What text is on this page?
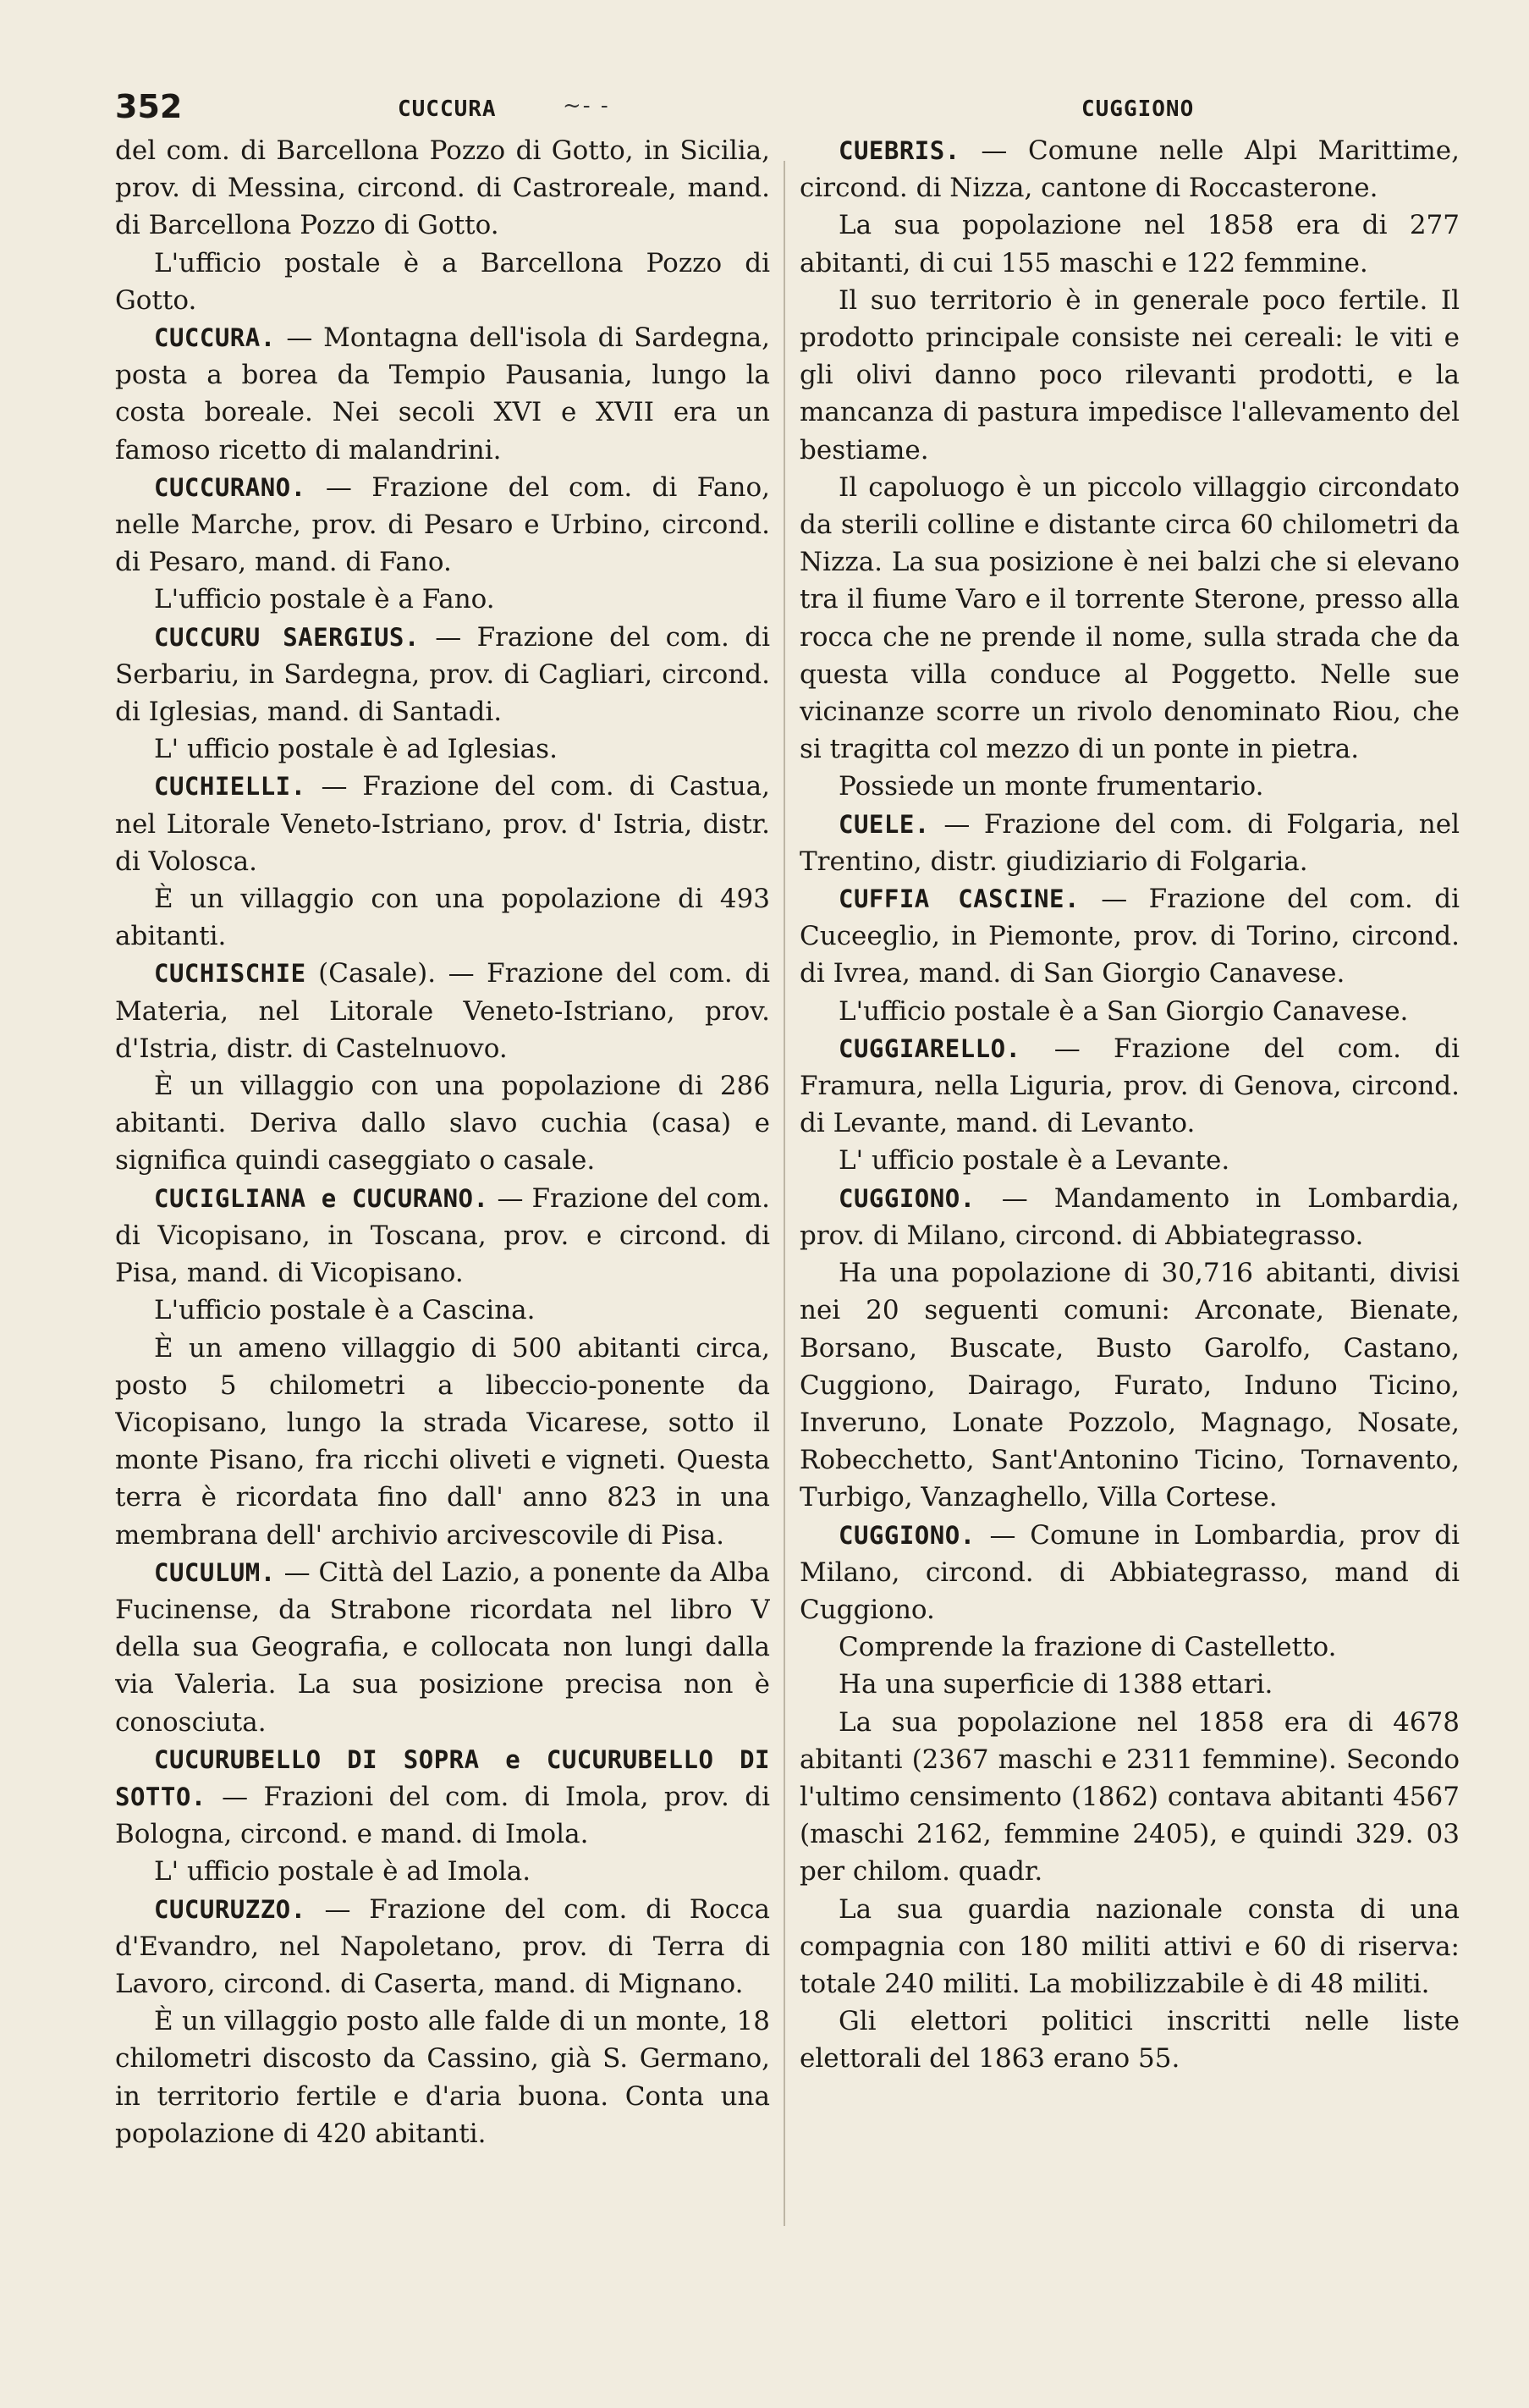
352	CUCCURA	~‐ ‐	CUGGIONO

del com. di Barcellona Pozzo di Gotto, in Sicilia, prov. di Messina, circond. di Castroreale, mand. di Barcellona Pozzo di Gotto.

L'ufficio postale è a Barcellona Pozzo di Gotto.

CUCCURA. — Montagna dell'isola di Sardegna, posta a borea da Tempio Pausania, lungo la costa boreale. Nei secoli XVI e XVII era un famoso ricetto di malandrini.

CUCCURANO. — Frazione del com. di Fano, nelle Marche, prov. di Pesaro e Urbino, circond. di Pesaro, mand. di Fano.

L'ufficio postale è a Fano.

CUCCURU SAERGIUS. — Frazione del com. di Serbariu, in Sardegna, prov. di Cagliari, circond. di Iglesias, mand. di Santadi.

L' ufficio postale è ad Iglesias.

CUCHIELLI. — Frazione del com. di Castua, nel Litorale Veneto-Istriano, prov. d' Istria, distr. di Volosca.

È un villaggio con una popolazione di 493 abitanti.

CUCHISCHIE (Casale). — Frazione del com. di Materia, nel Litorale Veneto-Istriano, prov. d'Istria, distr. di Castelnuovo.

È un villaggio con una popolazione di 286 abitanti. Deriva dallo slavo cuchia (casa) e significa quindi caseggiato o casale.

CUCIGLIANA e CUCURANO. — Frazione del com. di Vicopisano, in Toscana, prov. e circond. di Pisa, mand. di Vicopisano.

L'ufficio postale è a Cascina.

È un ameno villaggio di 500 abitanti circa, posto 5 chilometri a libeccio-ponente da Vicopisano, lungo la strada Vicarese, sotto il monte Pisano, fra ricchi oliveti e vigneti. Questa terra è ricordata fino dall' anno 823 in una membrana dell' archivio arcivescovile di Pisa.

CUCULUM. — Città del Lazio, a ponente da Alba Fucinense, da Strabone ricordata nel libro V della sua Geografia, e collocata non lungi dalla via Valeria. La sua posizione precisa non è conosciuta.

CUCURUBELLO DI SOPRA e CUCURUBELLO DI SOTTO. — Frazioni del com. di Imola, prov. di Bologna, circond. e mand. di Imola.

L' ufficio postale è ad Imola.

CUCURUZZO. — Frazione del com. di Rocca d'Evandro, nel Napoletano, prov. di Terra di Lavoro, circond. di Caserta, mand. di Mignano.

È un villaggio posto alle falde di un monte, 18 chilometri discosto da Cassino, già S. Germano, in territorio fertile e d'aria buona. Conta una popolazione di 420 abitanti.

CUEBRIS. — Comune nelle Alpi Marittime, circond. di Nizza, cantone di Roccasterone.

La sua popolazione nel 1858 era di 277 abitanti, di cui 155 maschi e 122 femmine.

Il suo territorio è in generale poco fertile. Il prodotto principale consiste nei cereali: le viti e gli olivi danno poco rilevanti prodotti, e la mancanza di pastura impedisce l'allevamento del bestiame.

Il capoluogo è un piccolo villaggio circondato da sterili colline e distante circa 60 chilometri da Nizza. La sua posizione è nei balzi che si elevano tra il fiume Varo e il torrente Sterone, presso alla rocca che ne prende il nome, sulla strada che da questa villa conduce al Poggetto. Nelle sue vicinanze scorre un rivolo denominato Riou, che si tragitta col mezzo di un ponte in pietra.

Possiede un monte frumentario.

CUELE. — Frazione del com. di Folgaria, nel Trentino, distr. giudiziario di Folgaria.

CUFFIA CASCINE. — Frazione del com. di Cuceeglio, in Piemonte, prov. di Torino, circond. di Ivrea, mand. di San Giorgio Canavese.

L'ufficio postale è a San Giorgio Canavese.

CUGGIARELLO. — Frazione del com. di Framura, nella Liguria, prov. di Genova, circond. di Levante, mand. di Levanto.

L' ufficio postale è a Levante.

CUGGIONO. — Mandamento in Lombardia, prov. di Milano, circond. di Abbiategrasso.

Ha una popolazione di 30,716 abitanti, divisi nei 20 seguenti comuni: Arconate, Bienate, Borsano, Buscate, Busto Garolfo, Castano, Cuggiono, Dairago, Furato, Induno Ticino, Inveruno, Lonate Pozzolo, Magnago, Nosate, Robecchetto, Sant'Antonino Ticino, Tornavento, Turbigo, Vanzaghello, Villa Cortese.

CUGGIONO. — Comune in Lombardia, prov di Milano, circond. di Abbiategrasso, mand di Cuggiono.

Comprende la frazione di Castelletto.

Ha una superficie di 1388 ettari.

La sua popolazione nel 1858 era di 4678 abitanti (2367 maschi e 2311 femmine). Secondo l'ultimo censimento (1862) contava abitanti 4567 (maschi 2162, femmine 2405), e quindi 329. 03 per chilom. quadr.

La sua guardia nazionale consta di una compagnia con 180 militi attivi e 60 di riserva: totale 240 militi. La mobilizzabile è di 48 militi.

Gli elettori politici inscritti nelle liste elettorali del 1863 erano 55.
